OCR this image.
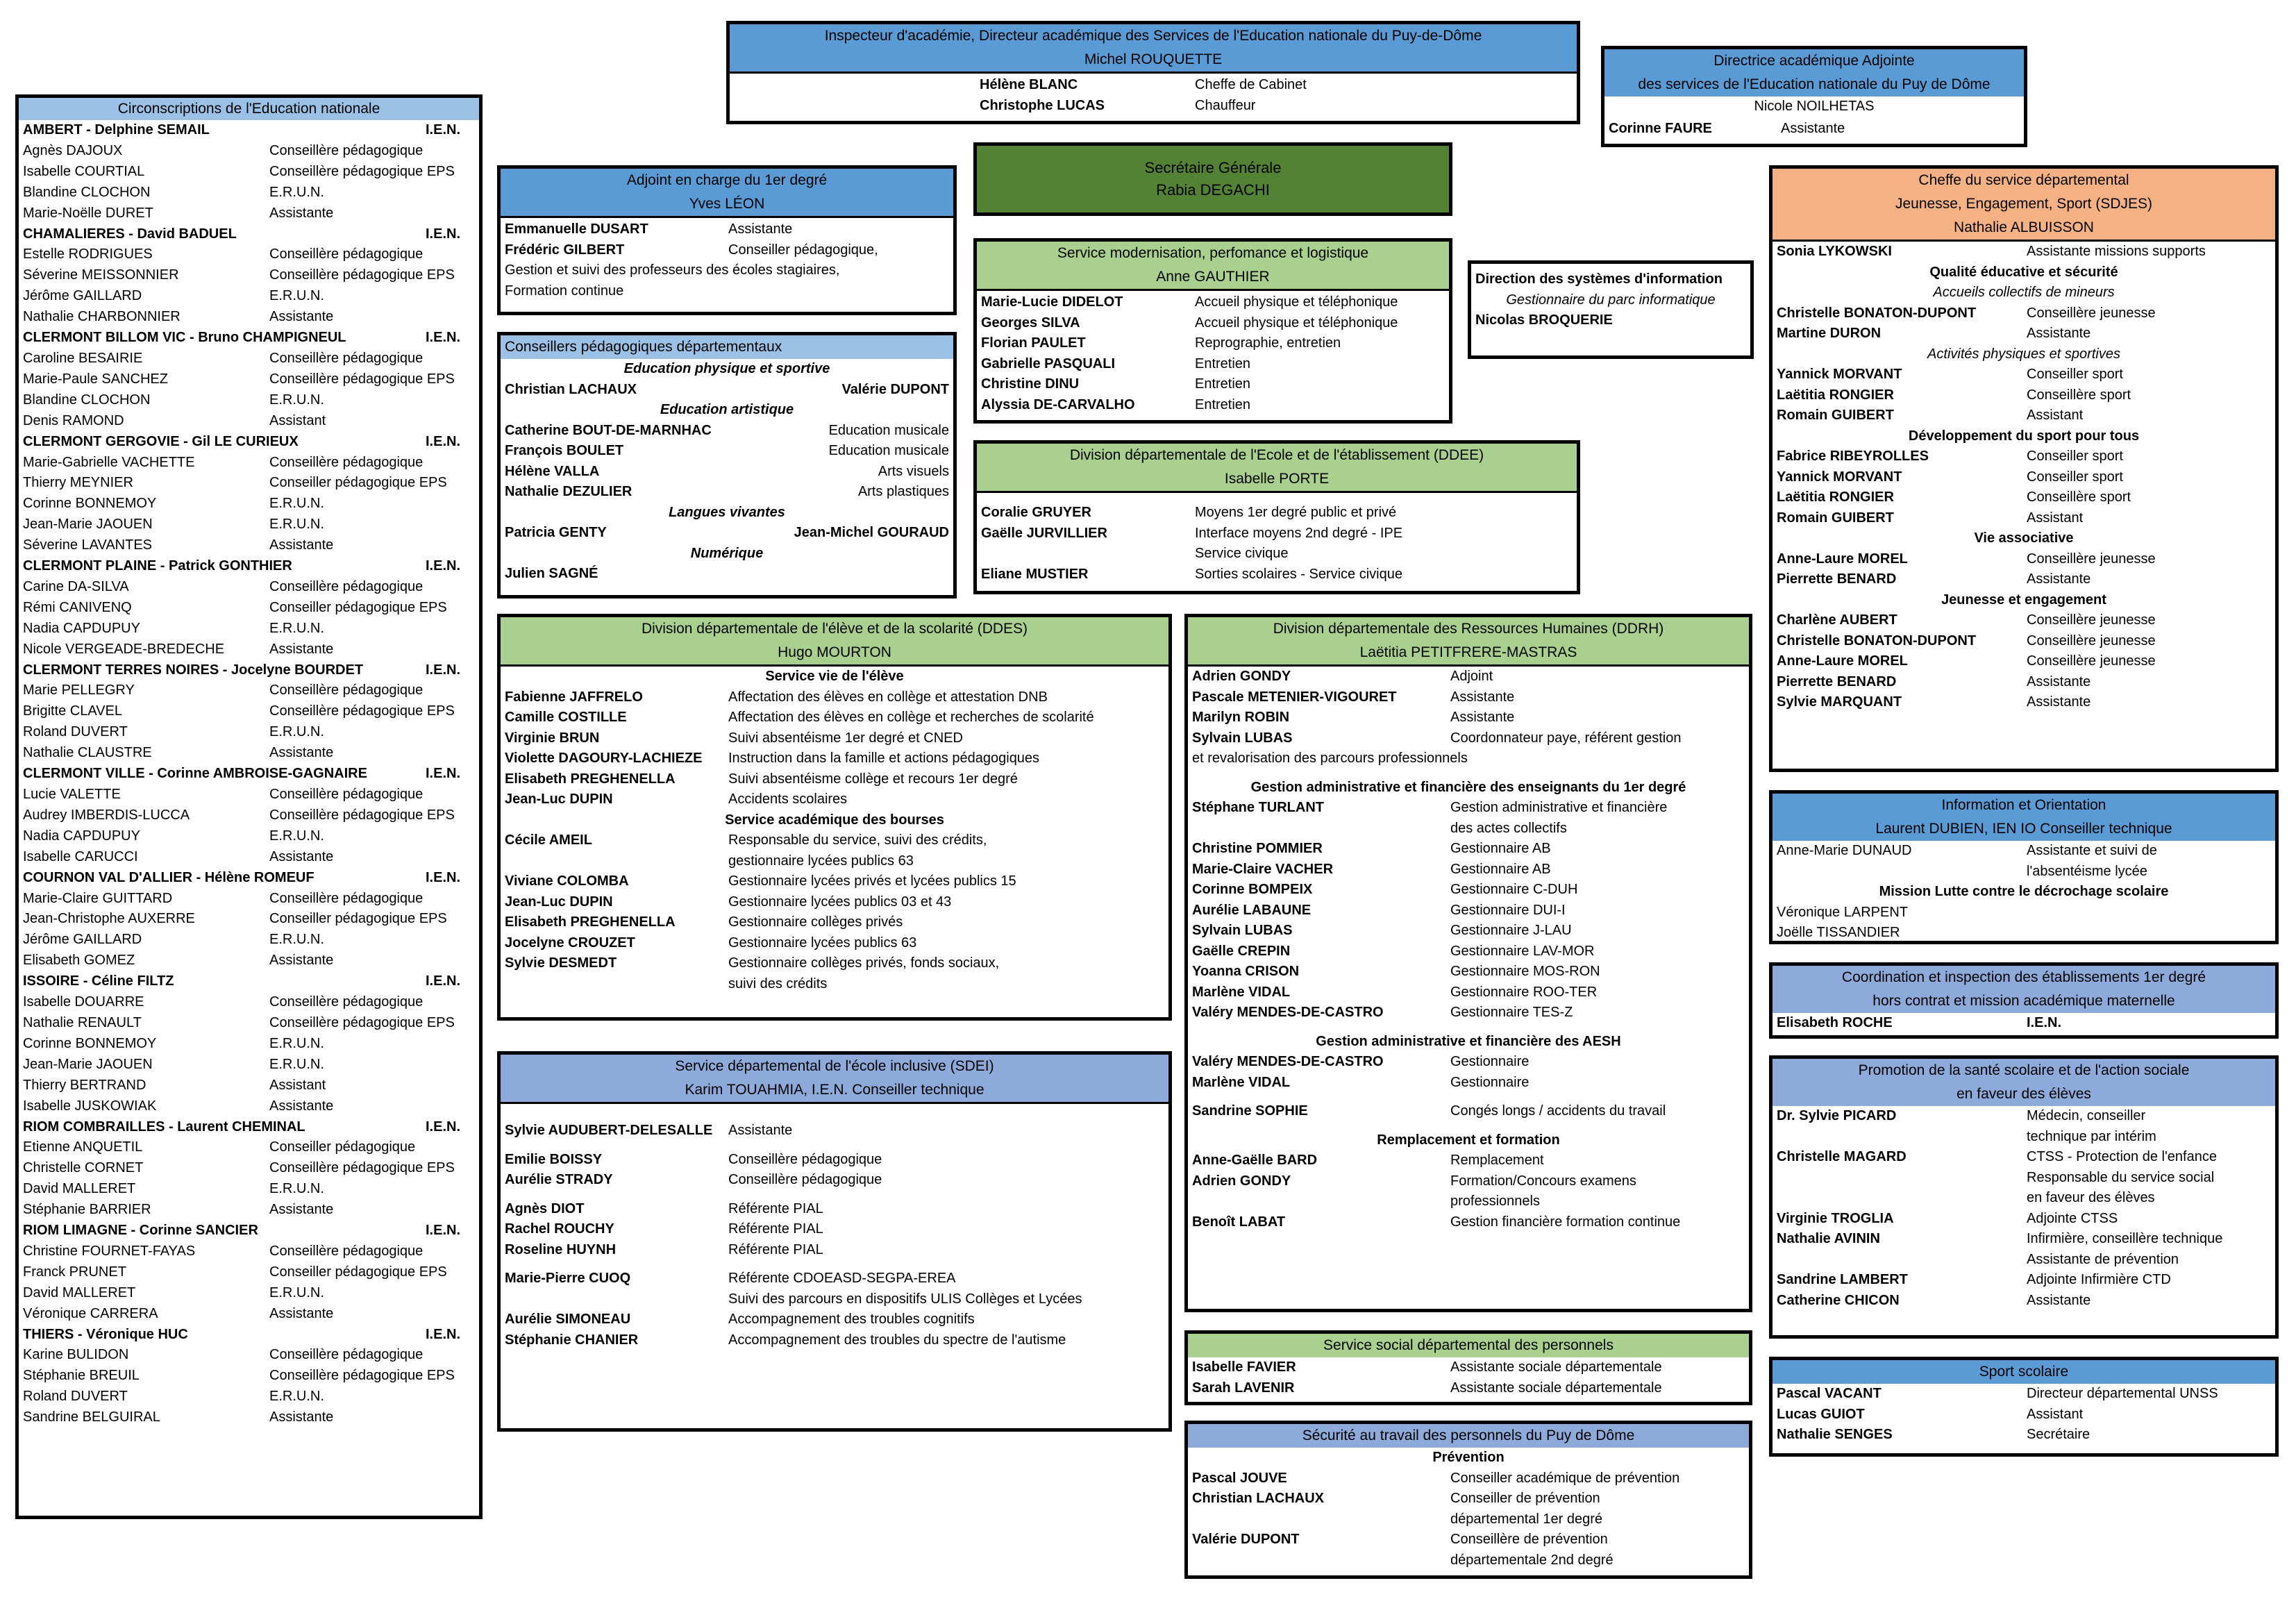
Inspecteur d'académie, Directeur académique des Services de l'Education nationale du Puy-de-Dôme
Michel ROUQUETTE
Hélène BLANC	Cheffe de Cabinet
Christophe LUCAS	Chauffeur
Directrice académique Adjointe
des services de l'Education nationale du Puy de Dôme
Nicole NOILHETAS
Corinne FAURE	Assistante
Circonscriptions de l'Education nationale
AMBERT - Delphine SEMAIL	I.E.N.
Agnès DAJOUX	Conseillère pédagogique
Isabelle COURTIAL	Conseillère pédagogique EPS
Blandine CLOCHON	E.R.U.N.
Marie-Noëlle DURET	Assistante
CHAMALIERES - David BADUEL	I.E.N.
Estelle RODRIGUES	Conseillère pédagogique
Séverine MEISSONNIER	Conseillère pédagogique EPS
Jérôme GAILLARD	E.R.U.N.
Nathalie CHARBONNIER	Assistante
CLERMONT BILLOM VIC - Bruno CHAMPIGNEUL	I.E.N.
Caroline BESAIRIE	Conseillère pédagogique
Marie-Paule SANCHEZ	Conseillère pédagogique EPS
Blandine CLOCHON	E.R.U.N.
Denis RAMOND	Assistant
CLERMONT GERGOVIE - Gil LE CURIEUX	I.E.N.
Marie-Gabrielle VACHETTE	Conseillère pédagogique
Thierry MEYNIER	Conseiller pédagogique EPS
Corinne BONNEMOY	E.R.U.N.
Jean-Marie JAOUEN	E.R.U.N.
Séverine LAVANTES	Assistante
CLERMONT PLAINE - Patrick GONTHIER	I.E.N.
Carine DA-SILVA	Conseillère pédagogique
Rémi CANIVENQ	Conseiller pédagogique EPS
Nadia CAPDUPUY	E.R.U.N.
Nicole VERGEADE-BREDECHE	Assistante
CLERMONT TERRES NOIRES - Jocelyne BOURDET	I.E.N.
Marie PELLEGRY	Conseillère pédagogique
Brigitte CLAVEL	Conseillère pédagogique EPS
Roland DUVERT	E.R.U.N.
Nathalie CLAUSTRE	Assistante
CLERMONT VILLE - Corinne AMBROISE-GAGNAIRE	I.E.N.
Lucie VALETTE	Conseillère pédagogique
Audrey IMBERDIS-LUCCA	Conseillère pédagogique EPS
Nadia CAPDUPUY	E.R.U.N.
Isabelle CARUCCI	Assistante
COURNON VAL D'ALLIER - Hélène ROMEUF	I.E.N.
Marie-Claire GUITTARD	Conseillère pédagogique
Jean-Christophe AUXERRE	Conseiller pédagogique EPS
Jérôme GAILLARD	E.R.U.N.
Elisabeth GOMEZ	Assistante
ISSOIRE - Céline FILTZ	I.E.N.
Isabelle DOUARRE	Conseillère pédagogique
Nathalie RENAULT	Conseillère pédagogique EPS
Corinne BONNEMOY	E.R.U.N.
Jean-Marie JAOUEN	E.R.U.N.
Thierry BERTRAND	Assistant
Isabelle JUSKOWIAK	Assistante
RIOM COMBRAILLES - Laurent CHEMINAL	I.E.N.
Etienne ANQUETIL	Conseiller pédagogique
Christelle CORNET	Conseillère pédagogique EPS
David MALLERET	E.R.U.N.
Stéphanie BARRIER	Assistante
RIOM LIMAGNE - Corinne SANCIER	I.E.N.
Christine FOURNET-FAYAS	Conseillère pédagogique
Franck PRUNET	Conseiller pédagogique EPS
David MALLERET	E.R.U.N.
Véronique CARRERA	Assistante
THIERS - Véronique HUC	I.E.N.
Karine BULIDON	Conseillère pédagogique
Stéphanie BREUIL	Conseillère pédagogique EPS
Roland DUVERT	E.R.U.N.
Sandrine BELGUIRAL	Assistante
Adjoint en charge du 1er degré
Yves LÉON
Emmanuelle DUSART	Assistante
Frédéric GILBERT	Conseiller pédagogique,
Gestion et suivi des professeurs des écoles stagiaires,
Formation continue
Conseillers pédagogiques départementaux
Education physique et sportive
Christian LACHAUX	Valérie DUPONT
Education artistique
Catherine BOUT-DE-MARNHAC	Education musicale
François BOULET	Education musicale
Hélène VALLA	Arts visuels
Nathalie DEZULIER	Arts plastiques
Langues vivantes
Patricia GENTY	Jean-Michel GOURAUD
Numérique
Julien SAGNÉ
Secrétaire Générale
Rabia DEGACHI
Service modernisation, perfomance et logistique
Anne GAUTHIER
Marie-Lucie DIDELOT	Accueil physique et téléphonique
Georges SILVA	Accueil physique et téléphonique
Florian PAULET	Reprographie, entretien
Gabrielle PASQUALI	Entretien
Christine DINU	Entretien
Alyssia DE-CARVALHO	Entretien
Direction des systèmes d'information
Gestionnaire du parc informatique
Nicolas BROQUERIE
Division départementale de l'Ecole et de l'établissement (DDEE)
Isabelle PORTE
Coralie GRUYER	Moyens 1er degré public et privé
Gaëlle JURVILLIER	Interface moyens 2nd degré - IPE
Service civique
Eliane MUSTIER	Sorties scolaires - Service civique
Division départementale de l'élève et de la scolarité (DDES)
Hugo MOURTON
Service vie de l'élève
Fabienne JAFFRELO	Affectation des élèves en collège et attestation DNB
Camille COSTILLE	Affectation des élèves en collège et recherches de scolarité
Virginie BRUN	Suivi absentéisme 1er degré et CNED
Violette DAGOURY-LACHIEZE	Instruction dans la famille et actions pédagogiques
Elisabeth PREGHENELLA	Suivi absentéisme collège et recours 1er degré
Jean-Luc DUPIN	Accidents scolaires
Service académique des bourses
Cécile AMEIL	Responsable du service, suivi des crédits,
gestionnaire lycées publics 63
Viviane COLOMBA	Gestionnaire lycées privés et lycées publics 15
Jean-Luc DUPIN	Gestionnaire lycées publics 03 et 43
Elisabeth PREGHENELLA	Gestionnaire collèges privés
Jocelyne CROUZET	Gestionnaire lycées publics 63
Sylvie DESMEDT	Gestionnaire collèges privés, fonds sociaux,
suivi des crédits
Service départemental de l'école inclusive (SDEI)
Karim TOUAHMIA, I.E.N. Conseiller technique
Sylvie AUDUBERT-DELESALLE	Assistante
Emilie BOISSY	Conseillère pédagogique
Aurélie STRADY	Conseillère pédagogique
Agnès DIOT	Référente PIAL
Rachel ROUCHY	Référente PIAL
Roseline HUYNH	Référente PIAL
Marie-Pierre CUOQ	Référente CDOEASD-SEGPA-EREA
Suivi des parcours en dispositifs ULIS Collèges et Lycées
Aurélie SIMONEAU	Accompagnement des troubles cognitifs
Stéphanie CHANIER	Accompagnement des troubles du spectre de l'autisme
Division départementale des Ressources Humaines (DDRH)
Laëtitia PETITFRERE-MASTRAS
Adrien GONDY	Adjoint
Pascale METENIER-VIGOURET	Assistante
Marilyn ROBIN	Assistante
Sylvain LUBAS	Coordonnateur paye, référent gestion
et revalorisation des parcours professionnels
Gestion administrative et financière des enseignants du 1er degré
Stéphane TURLANT	Gestion administrative et financière
des actes collectifs
Christine POMMIER	Gestionnaire AB
Marie-Claire VACHER	Gestionnaire AB
Corinne BOMPEIX	Gestionnaire C-DUH
Aurélie LABAUNE	Gestionnaire DUI-I
Sylvain LUBAS	Gestionnaire J-LAU
Gaëlle CREPIN	Gestionnaire LAV-MOR
Yoanna CRISON	Gestionnaire MOS-RON
Marlène VIDAL	Gestionnaire ROO-TER
Valéry MENDES-DE-CASTRO	Gestionnaire TES-Z
Gestion administrative et financière des AESH
Valéry MENDES-DE-CASTRO	Gestionnaire
Marlène VIDAL	Gestionnaire
Sandrine SOPHIE	Congés longs / accidents du travail
Remplacement et formation
Anne-Gaëlle BARD	Remplacement
Adrien GONDY	Formation/Concours examens
professionnels
Benoît LABAT	Gestion financière formation continue
Service social départemental des personnels
Isabelle FAVIER	Assistante sociale départementale
Sarah LAVENIR	Assistante sociale départementale
Sécurité au travail des personnels du Puy de Dôme
Prévention
Pascal JOUVE	Conseiller académique de prévention
Christian LACHAUX	Conseiller de prévention
départemental 1er degré
Valérie DUPONT	Conseillère de prévention
départementale 2nd degré
Cheffe du service départemental
Jeunesse, Engagement, Sport (SDJES)
Nathalie ALBUISSON
Sonia LYKOWSKI	Assistante missions supports
Qualité éducative et sécurité
Accueils collectifs de mineurs
Christelle BONATON-DUPONT	Conseillère jeunesse
Martine DURON	Assistante
Activités physiques et sportives
Yannick MORVANT	Conseiller sport
Laëtitia RONGIER	Conseillère sport
Romain GUIBERT	Assistant
Développement du sport pour tous
Fabrice RIBEYROLLES	Conseiller sport
Yannick MORVANT	Conseiller sport
Laëtitia RONGIER	Conseillère sport
Romain GUIBERT	Assistant
Vie associative
Anne-Laure MOREL	Conseillère jeunesse
Pierrette BENARD	Assistante
Jeunesse et engagement
Charlène AUBERT	Conseillère jeunesse
Christelle BONATON-DUPONT	Conseillère jeunesse
Anne-Laure MOREL	Conseillère jeunesse
Pierrette BENARD	Assistante
Sylvie MARQUANT	Assistante
Information et Orientation
Laurent DUBIEN, IEN IO Conseiller technique
Anne-Marie DUNAUD	Assistante et suivi de
l'absentéisme lycée
Mission Lutte contre le décrochage scolaire
Véronique LARPENT
Joëlle TISSANDIER
Coordination et inspection des établissements 1er degré
hors contrat et mission académique maternelle
Elisabeth ROCHE	I.E.N.
Promotion de la santé scolaire et de l'action sociale
en faveur des élèves
Dr. Sylvie PICARD	Médecin, conseiller
technique par intérim
Christelle MAGARD	CTSS - Protection de l'enfance
Responsable du service social
en faveur des élèves
Virginie TROGLIA	Adjointe CTSS
Nathalie AVININ	Infirmière, conseillère technique
Assistante de prévention
Sandrine LAMBERT	Adjointe Infirmière CTD
Catherine CHICON	Assistante
Sport scolaire
Pascal VACANT	Directeur départemental UNSS
Lucas GUIOT	Assistant
Nathalie SENGES	Secrétaire
